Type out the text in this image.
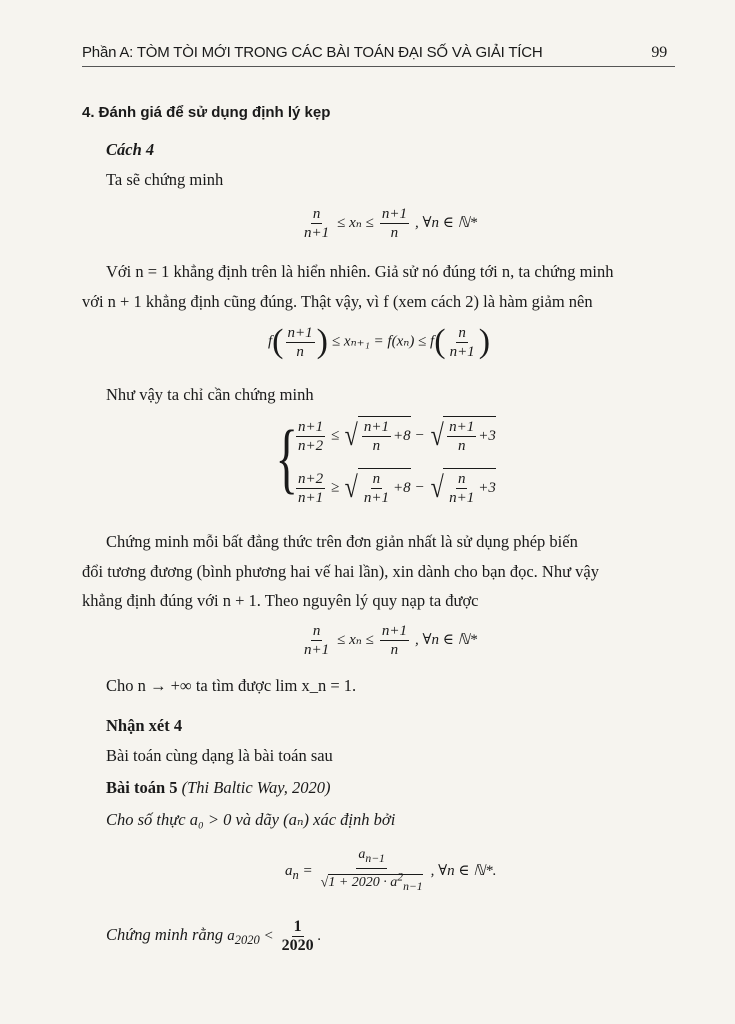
Phần A: TÒM TÒI MỚI TRONG CÁC BÀI TOÁN ĐẠI SỐ VÀ GIẢI TÍCH	99
4. Đánh giá để sử dụng định lý kẹp
Cách 4
Ta sẽ chứng minh
$\frac{n}{n+1} \le x_n \le \frac{n+1}{n}$ , ∀n ∈ ℕ*
Với n = 1 khẳng định trên là hiển nhiên. Giả sử nó đúng tới n, ta chứng minh
với n + 1 khẳng định cũng đúng. Thật vậy, vì f (xem cách 2) là hàm giảm nên
$f( \frac{n+1}{n}$ ) ≤ $x_{n+1} = f(x_n) \le f( \frac{n}{n+1}$ )
Như vậy ta chỉ cần chứng minh
{
$\frac{n+1}{n+2}$ ≤ √ $\frac{n+1}{n} +8$ − √ $\frac{n+1}{n} +3$
$\frac{n+2}{n+1}$ ≥ √ $\frac{n}{n+1} +8$ − √ $\frac{n}{n+1} +3$
Chứng minh mỗi bất đẳng thức trên đơn giản nhất là sử dụng phép biến
đổi tương đương (bình phương hai vế hai lần), xin dành cho bạn đọc. Như vậy
khẳng định đúng với n + 1. Theo nguyên lý quy nạp ta được
$\frac{n}{n+1} \le x_n \le \frac{n+1}{n}$ , ∀n ∈ ℕ*
Cho n → +∞ ta tìm được lim x_n = 1.
Nhận xét 4
Bài toán cùng dạng là bài toán sau
Bài toán 5 (Thi Baltic Way, 2020)
Cho số thực a₀ > 0 và dãy (aₙ) xác định bởi
$a_n = \frac{a_{n-1}}{√1 + 2020 \cdot a^2_{n-1}}$ , ∀n ∈ ℕ*.
Chứng minh rằng $a_{2020} < \frac{1}{2020}$ .
